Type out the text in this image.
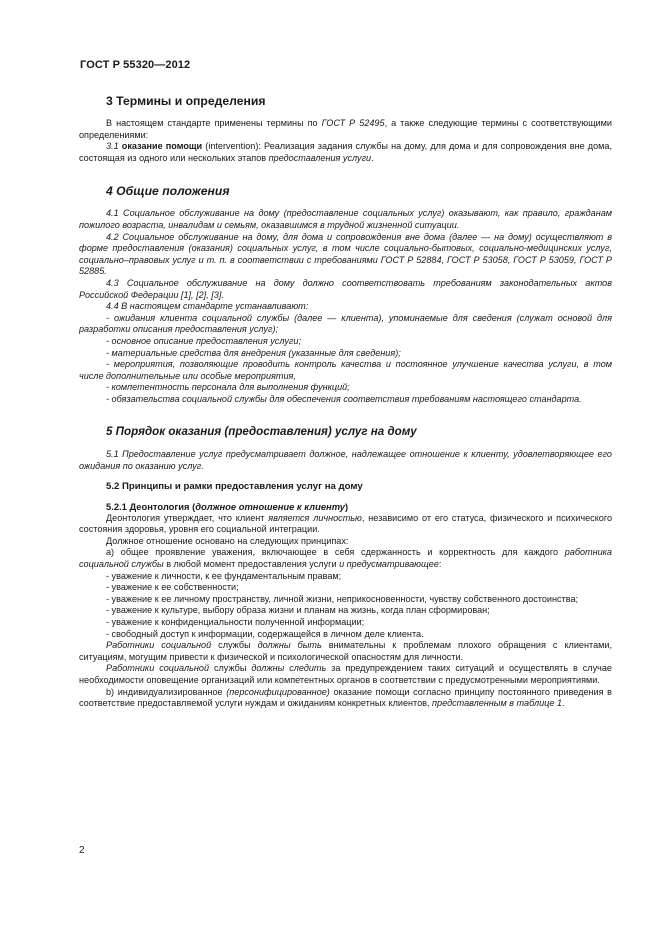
ГОСТ Р 55320—2012
3 Термины и определения

В настоящем стандарте применены термины по ГОСТ Р 52495, а также следующие термины с соответствующими определениями:

3.1 оказание помощи (intervention): Реализация задания службы на дому, для дома и для сопровождения вне дома, состоящая из одного или нескольких этапов предоставления услуги.

4 Общие положения

4.1 Социальное обслуживание на дому (предоставление социальных услуг) оказывают, как правило, гражданам пожилого возраста, инвалидам и семьям, оказавшимся в трудной жизненной ситуации.

4.2 Социальное обслуживание на дому, для дома и сопровождения вне дома (далее — на дому) осуществляют в форме предоставления (оказания) социальных услуг, в том числе социально-бытовых, социально-медицинских услуг, социально–правовых услуг и т. п. в соответствии с требованиями ГОСТ Р 52884, ГОСТ Р 53058, ГОСТ Р 53059, ГОСТ Р 52885.

4.3 Социальное обслуживание на дому должно соответствовать требованиям законодательных актов Российской Федерации [1], [2], [3].

4.4 В настоящем стандарте устанавливают:

- ожидания клиента социальной службы (далее — клиента), упоминаемые для сведения (служат основой для разработки описания предоставления услуг);

- основное описание предоставления услуги;

- материальные средства для внедрения (указанные для сведения);

- мероприятия, позволяющие проводить контроль качества и постоянное улучшение качества услуги, в том числе дополнительные или особые мероприятия,

- компетентность персонала для выполнения функций;

- обязательства социальной службы для обеспечения соответствия требованиям настоящего стандарта.

5 Порядок оказания (предоставления) услуг на дому

5.1 Предоставление услуг предусматривает должное, надлежащее отношение к клиенту, удовлетворяющее его ожидания по оказанию услуг.

5.2 Принципы и рамки предоставления услуг на дому
5.2.1 Деонтология (должное отношение к клиенту)

Деонтология утверждает, что клиент является личностью, независимо от его статуса, физического и психического состояния здоровья, уровня его социальной интеграции.

Должное отношение основано на следующих принципах:

а) общее проявление уважения, включающее в себя сдержанность и корректность для каждого работника социальной службы в любой момент предоставления услуги и предусматривающее:

- уважение к личности, к ее фундаментальным правам;

- уважение к ее собственности;

- уважение к ее личному пространству, личной жизни, неприкосновенности, чувству собственного достоинства;

- уважение к культуре, выбору образа жизни и планам на жизнь, когда план сформирован;

- уважение к конфиденциальности полученной информации;

- свободный доступ к информации, содержащейся в личном деле клиента.

Работники социальной службы должны быть внимательны к проблемам плохого обращения с клиентами, ситуациям, могущим привести к физической и психологической опасностям для личности.

Работники социальной службы должны следить за предупреждением таких ситуаций и осуществлять в случае необходимости оповещение организаций или компетентных органов в соответствии с предусмотренными мероприятиями.

b) индивидуализированное (персонифицированное) оказание помощи согласно принципу постоянного приведения в соответствие предоставляемой услуги нуждам и ожиданиям конкретных клиентов, представленным в таблице 1.

2
